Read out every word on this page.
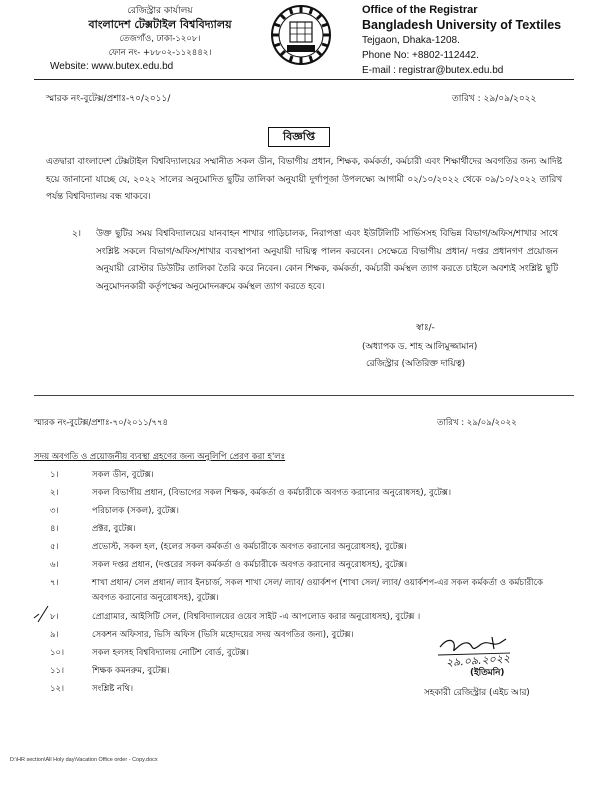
রেজিস্ট্রার কার্যালয়
বাংলাদেশ টেক্সটাইল বিশ্ববিদ্যালয়
তেজগাঁও, ঢাকা-১২০৮।
ফোন নং- +৮৮০২-১১২৪৪২।
Website: www.butex.edu.bd
Office of the Registrar
Bangladesh University of Textiles
Tejgaon, Dhaka-1208.
Phone No: +8802-112442.
E-mail : registrar@butex.edu.bd
স্মারক নং-বুটেক্স/প্রশাঃ-৭০/২০১১/	তারিখ : ২৯/০৯/২০২২
বিজ্ঞপ্তি
এতদ্বারা বাংলাদেশ টেক্সটাইল বিশ্ববিদ্যালয়ের সম্মানীত সকল ডীন, বিভাগীয় প্রধান, শিক্ষক, কর্মকর্তা, কর্মচারী এবং শিক্ষার্থীদের অবগতির জন্য আদিষ্ট হয়ে জানানো যাচ্ছে যে, ২০২২ সালের অনুমোদিত ছুটির তালিকা অনুযায়ী দুর্গাপূজা উপলক্ষ্যে আগামী ০২/১০/২০২২ থেকে ০৯/১০/২০২২ তারিখ পর্যন্ত বিশ্ববিদ্যালয় বন্ধ থাকবে।
২। উক্ত ছুটির সময় বিশ্ববিদ্যালয়ের যানবাহন শাখার গাড়িচালক, নিরাপত্তা এবং ইউটিলিটি সার্ভিসসহ বিভিন্ন বিভাগ/অফিস/শাখার সাথে সংশ্লিষ্ট সকলে বিভাগ/অফিস/শাখার ব্যবস্থাপনা অনুযায়ী দায়িত্ব পালন করবেন। সেক্ষেত্রে বিভাগীয় প্রধান/ দপ্তর প্রধানগণ প্রয়োজন অনুযায়ী রোস্টার ডিউটির তালিকা তৈরি করে নিবেন। কোন শিক্ষক, কর্মকর্তা, কর্মচারী কর্মস্থল ত্যাগ করতে চাইলে অবশ্যই সংশ্লিষ্ট ছুটি অনুমোদনকারী কর্তৃপক্ষের অনুমোদনক্রমে কর্মস্থল ত্যাগ করতে হবে।
স্বাঃ/-
(অধ্যাপক ড. শাহ আলিমুজ্জামান)
রেজিস্ট্রার (অতিরিক্ত দায়িত্ব)
স্মারক নং-বুটেক্স/প্রশাঃ-৭০/২০১১/৭৭৪	তারিখ : ২৯/০৯/২০২২
সদয় অবগতি ও প্রয়োজনীয় ব্যবস্থা গ্রহণের জন্য অনুলিপি প্রেরণ করা হ'লঃ
১।	সকল ডীন, বুটেক্স।
২।	সকল বিভাগীয় প্রধান, (বিভাগের সকল শিক্ষক, কর্মকর্তা ও কর্মচারীকে অবগত করানোর অনুরোধসহ), বুটেক্স।
৩।	পরিচালক (সকল), বুটেক্স।
৪।	প্রক্টর, বুটেক্স।
৫।	প্রভোস্ট, সকল হল, (হলের সকল কর্মকর্তা ও কর্মচারীকে অবগত করানোর অনুরোধসহ), বুটেক্স।
৬।	সকল দপ্তর প্রধান, (দপ্তরের সকল কর্মকর্তা ও কর্মচারীকে অবগত করানোর অনুরোধসহ), বুটেক্স।
৭।	শাখা প্রধান/ সেল প্রধান/ ল্যাব ইনচার্জ, সকল শাখা সেল/ ল্যাব/ ওয়ার্কশপ (শাখা সেল/ ল্যাব/ ওয়ার্কশপ-এর সকল কর্মকর্তা ও কর্মচারীকে অবগত করানোর অনুরোধসহ), বুটেক্স।
৮।	প্রোগ্রামার, আইসিটি সেল, (বিশ্ববিদ্যালয়ের ওয়েব সাইট -এ আপলোড করার অনুরোধসহ), বুটেক্স ।
৯।	সেকশন অফিসার, ভিসি অফিস (ভিসি মহোদয়ের সদয় অবগতির জন্য), বুটেক্স।
১০।	সকল হলসহ বিশ্ববিদ্যালয় নোটিশ বোর্ড, বুটেক্স।
১১।	শিক্ষক কমনরুম, বুটেক্স।
১২।	সংশ্লিষ্ট নথি।
২৯.০৯.২০২২
(ইতিমনি)
সহকারী রেজিস্ট্রার (এইচ আর)
D:\HR section\All Holy day\Vacation Office order - Copy.docx
